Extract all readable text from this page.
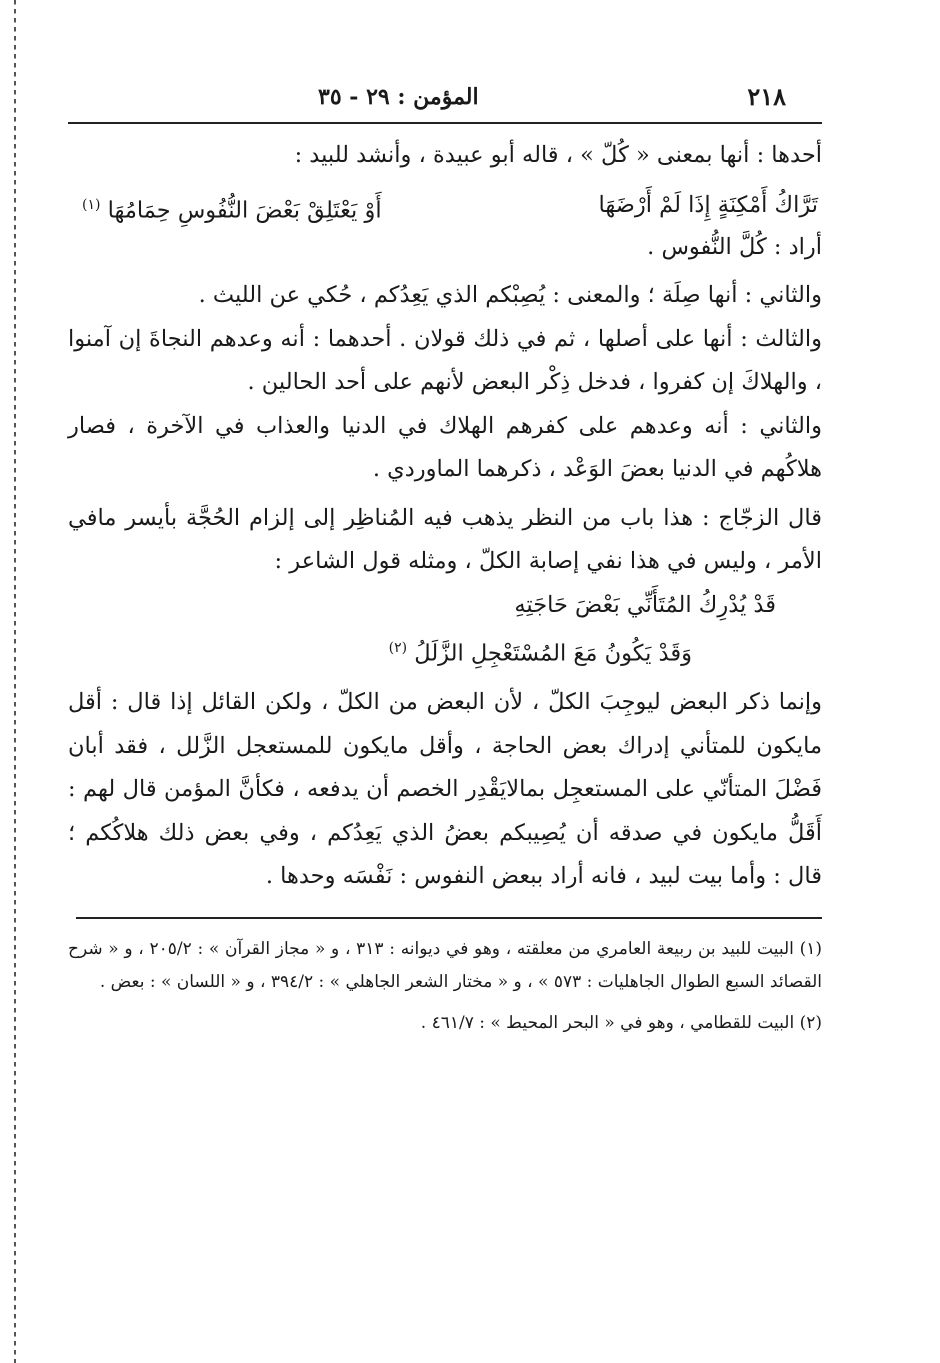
٢١٨
المؤمن : ٢٩ - ٣٥

أحدها : أنها بمعنى « كُلّ » ، قاله أبو عبيدة ، وأنشد للبيد :

تَرَّاكُ أَمْكِنَةٍ إِذَا لَمْ أَرْضَهَا
أَوْ يَعْتَلِقْ بَعْضَ النُّفُوسِ حِمَامُهَا $^{(١)}$

أراد : كُلَّ النُّفوس .

والثاني : أنها صِلَة ؛ والمعنى : يُصِبْكم الذي يَعِدُكم ، حُكي عن الليث .

والثالث : أنها على أصلها ، ثم في ذلك قولان . أحدهما : أنه وعدهم النجاةَ إن آمنوا ، والهلاكَ إن كفروا ، فدخل ذِكْر البعض لأنهم على أحد الحالين .

والثاني : أنه وعدهم على كفرهم الهلاك في الدنيا والعذاب في الآخرة ، فصار هلاكُهم في الدنيا بعضَ الوَعْد ، ذكرهما الماوردي .

قال الزجّاج : هذا باب من النظر يذهب فيه المُناظِر إلى إلزام الحُجَّة بأيسر مافي الأمر ، وليس في هذا نفي إصابة الكلّ ، ومثله قول الشاعر :

قَدْ يُدْرِكُ المُتَأَنِّي بَعْضَ حَاجَتِهِ
وَقَدْ يَكُونُ مَعَ المُسْتَعْجِلِ الزَّلَلُ $^{(٢)}$

وإنما ذكر البعض ليوجِبَ الكلّ ، لأن البعض من الكلّ ، ولكن القائل إذا قال : أقل مايكون للمتأني إدراك بعض الحاجة ، وأقل مايكون للمستعجل الزَّلل ، فقد أبان فَضْلَ المتأنّي على المستعجِل بمالايَقْدِر الخصم أن يدفعه ، فكأنَّ المؤمن قال لهم : أَقَلُّ مايكون في صدقه أن يُصِيبكم بعضُ الذي يَعِدُكم ، وفي بعض ذلك هلاكُكم ؛ قال : وأما بيت لبيد ، فانه أراد ببعض النفوس : نَفْسَه وحدها .

(١) البيت للبيد بن ربيعة العامري من معلقته ، وهو في ديوانه : ٣١٣ ، و « مجاز القرآن » : ٢٠٥/٢ ، و « شرح القصائد السبع الطوال الجاهليات : ٥٧٣ » ، و « مختار الشعر الجاهلي » : ٣٩٤/٢ ، و « اللسان » : بعض .

(٢) البيت للقطامي ، وهو في « البحر المحيط » : ٤٦١/٧ .
